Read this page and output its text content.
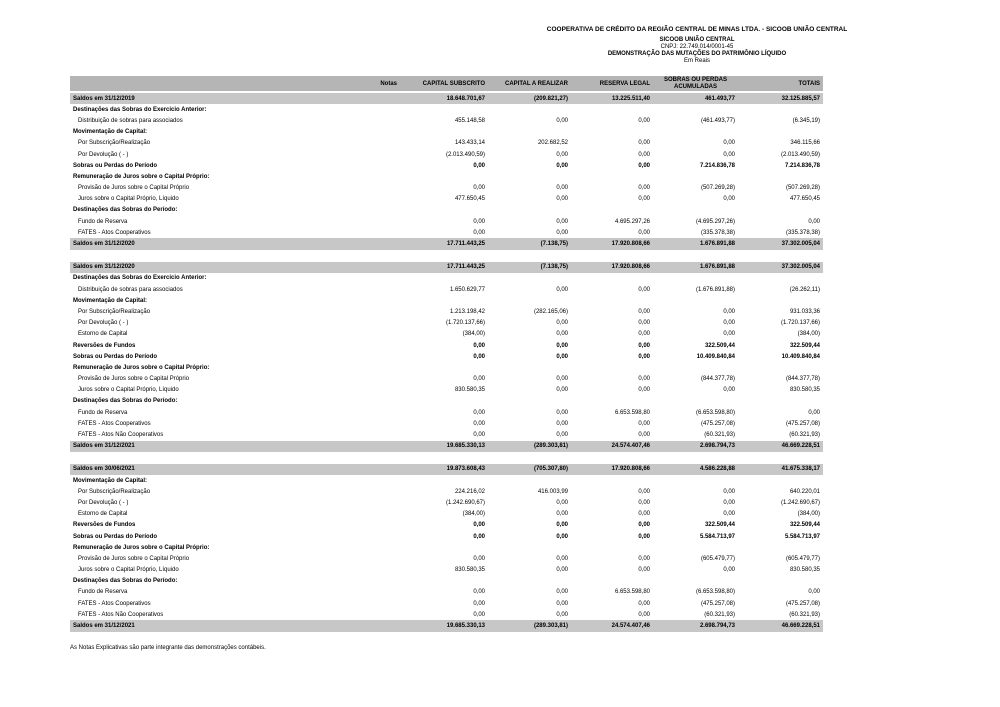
COOPERATIVA DE CRÉDITO DA REGIÃO CENTRAL DE MINAS LTDA. - SICOOB UNIÃO CENTRAL
SICOOB UNIÃO CENTRAL
CNPJ: 22.749.014/0001-45
DEMONSTRAÇÃO DAS MUTAÇÕES DO PATRIMÔNIO LÍQUIDO
Em Reais
	Notas	CAPITAL SUBSCRITO	CAPITAL A REALIZAR	RESERVA LEGAL	SOBRAS OU PERDAS ACUMULADAS	TOTAIS
Saldos em 31/12/2019		18.648.701,67	(209.821,27)	13.225.511,40	461.493,77	32.125.885,57
Destinações das Sobras do Exercício Anterior:						
Distribuição de sobras para associados		455.148,58	0,00	0,00	(461.493,77)	(6.345,19)
Movimentação de Capital:						
Por Subscrição/Realização		143.433,14	202.682,52	0,00	0,00	346.115,66
Por Devolução ( - )		(2.013.490,59)	0,00	0,00	0,00	(2.013.490,59)
Sobras ou Perdas do Período		0,00	0,00	0,00	7.214.836,78	7.214.836,78
Remuneração de Juros sobre o Capital Próprio:						
Provisão de Juros sobre o Capital Próprio		0,00	0,00	0,00	(507.269,28)	(507.269,28)
Juros sobre o Capital Próprio, Líquido		477.650,45	0,00	0,00	0,00	477.650,45
Destinações das Sobras do Período:						
Fundo de Reserva		0,00	0,00	4.695.297,26	(4.695.297,26)	0,00
FATES - Atos Cooperativos		0,00	0,00	0,00	(335.378,38)	(335.378,38)
Saldos em 31/12/2020		17.711.443,25	(7.138,75)	17.920.808,66	1.676.891,88	37.302.005,04

Saldos em 31/12/2020		17.711.443,25	(7.138,75)	17.920.808,66	1.676.891,88	37.302.005,04
Destinações das Sobras do Exercício Anterior:						
Distribuição de sobras para associados		1.650.629,77	0,00	0,00	(1.676.891,88)	(26.262,11)
Movimentação de Capital:						
Por Subscrição/Realização		1.213.198,42	(282.165,06)	0,00	0,00	931.033,36
Por Devolução ( - )		(1.720.137,66)	0,00	0,00	0,00	(1.720.137,66)
Estorno de Capital		(384,00)	0,00	0,00	0,00	(384,00)
Reversões de Fundos		0,00	0,00	0,00	322.509,44	322.509,44
Sobras ou Perdas do Período		0,00	0,00	0,00	10.409.840,84	10.409.840,84
Remuneração de Juros sobre o Capital Próprio:						
Provisão de Juros sobre o Capital Próprio		0,00	0,00	0,00	(844.377,78)	(844.377,78)
Juros sobre o Capital Próprio, Líquido		830.580,35	0,00	0,00	0,00	830.580,35
Destinações das Sobras do Período:						
Fundo de Reserva		0,00	0,00	6.653.598,80	(6.653.598,80)	0,00
FATES - Atos Cooperativos		0,00	0,00	0,00	(475.257,08)	(475.257,08)
FATES - Atos Não Cooperativos		0,00	0,00	0,00	(60.321,93)	(60.321,93)
Saldos em 31/12/2021		19.685.330,13	(289.303,81)	24.574.407,46	2.698.794,73	46.669.228,51

Saldos em 30/06/2021		19.873.608,43	(705.307,80)	17.920.808,66	4.586.228,88	41.675.338,17
Movimentação de Capital:						
Por Subscrição/Realização		224.216,02	416.003,99	0,00	0,00	640.220,01
Por Devolução ( - )		(1.242.690,67)	0,00	0,00	0,00	(1.242.690,67)
Estorno de Capital		(384,00)	0,00	0,00	0,00	(384,00)
Reversões de Fundos		0,00	0,00	0,00	322.509,44	322.509,44
Sobras ou Perdas do Período		0,00	0,00	0,00	5.584.713,97	5.584.713,97
Remuneração de Juros sobre o Capital Próprio:						
Provisão de Juros sobre o Capital Próprio		0,00	0,00	0,00	(605.479,77)	(605.479,77)
Juros sobre o Capital Próprio, Líquido		830.580,35	0,00	0,00	0,00	830.580,35
Destinações das Sobras do Período:						
Fundo de Reserva		0,00	0,00	6.653.598,80	(6.653.598,80)	0,00
FATES - Atos Cooperativos		0,00	0,00	0,00	(475.257,08)	(475.257,08)
FATES - Atos Não Cooperativos		0,00	0,00	0,00	(60.321,93)	(60.321,93)
Saldos em 31/12/2021		19.685.330,13	(289.303,81)	24.574.407,46	2.698.794,73	46.669.228,51
As Notas Explicativas são parte integrante das demonstrações contábeis.
